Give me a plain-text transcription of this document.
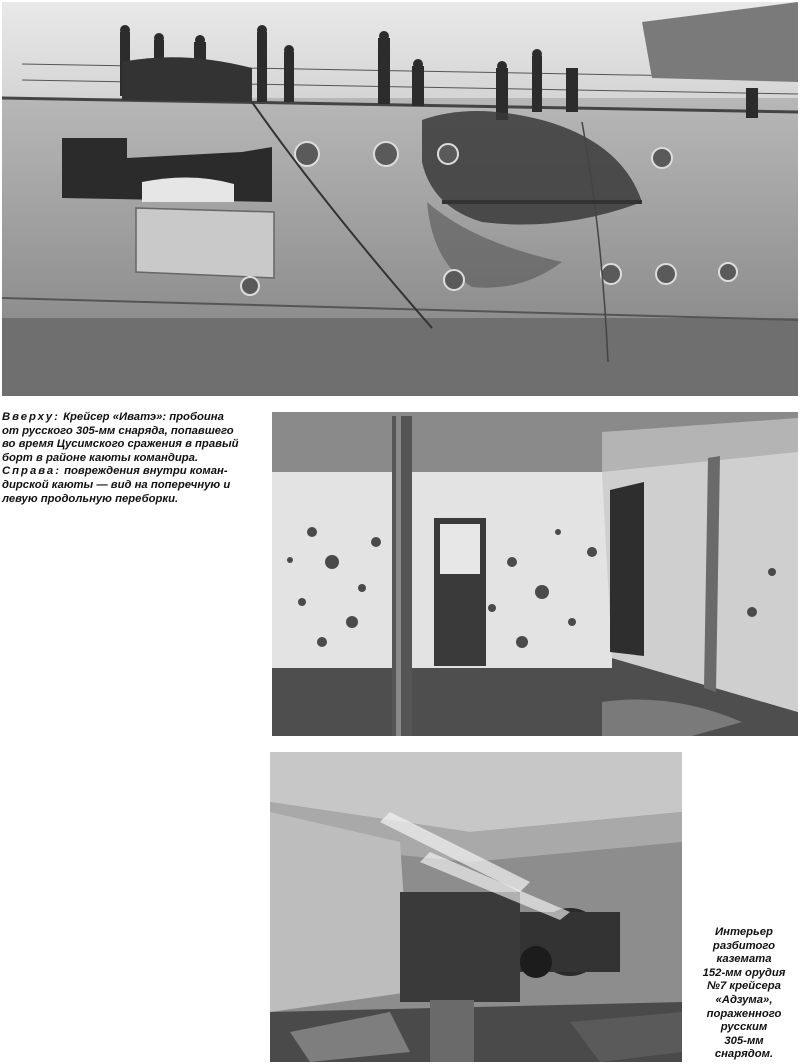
Вверху: Крейсер «Иватэ»: пробоина
от русского 305-мм снаряда, попавшего
во время Цусимского сражения в правый
борт в районе каюты командира.
Справа: повреждения внутри коман-
дирской каюты — вид на поперечную и
левую продольную переборки.

Интерьер
разбитого
каземата
152-мм орудия
№7 крейсера
«Адзума»,
пораженного
русским
305-мм
снарядом.
